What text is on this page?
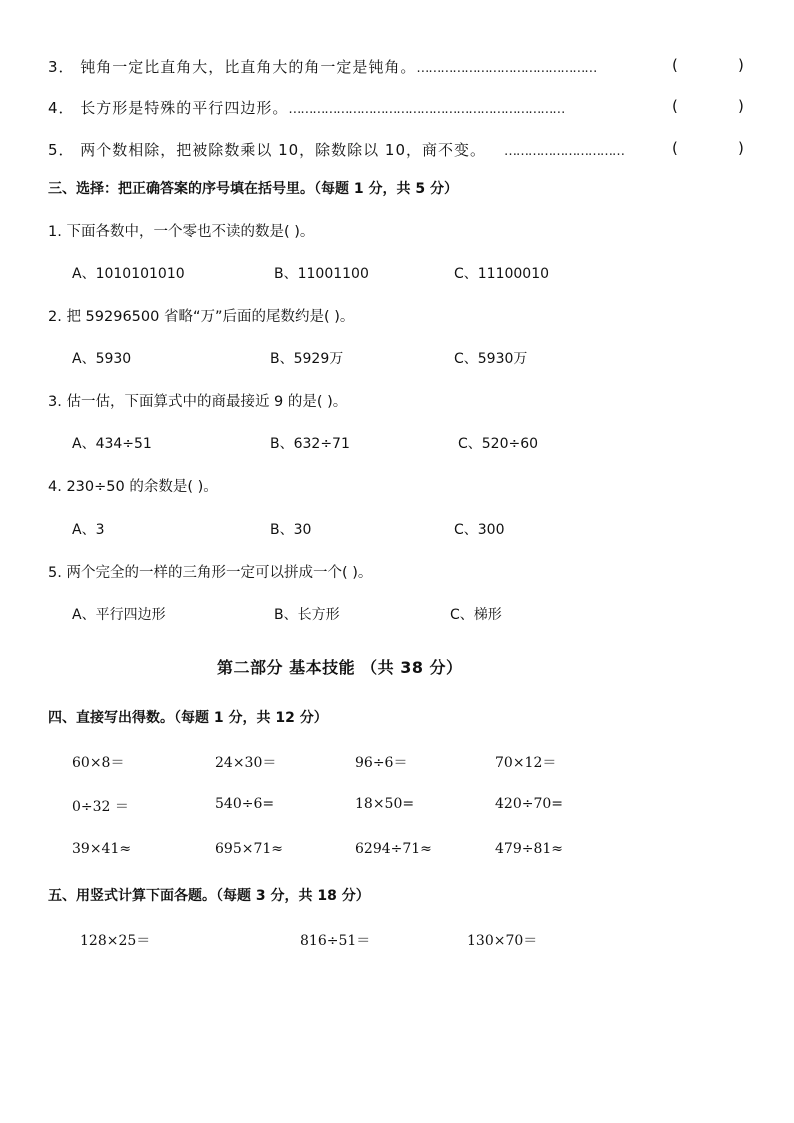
3． 钝角一定比直角大，比直角大的角一定是钝角。………………………………………	(	)
4． 长方形是特殊的平行四边形。……………………………………………………………	(	)
5． 两个数相除，把被除数乘以 10，除数除以 10，商不变。 …………………………	(	)
三、选择：把正确答案的序号填在括号里。（每题 1 分，共 5 分）
1. 下面各数中，一个零也不读的数是( )。
A、1010101010	B、11001100	C、11100010
2. 把 59296500 省略“万”后面的尾数约是( )。
A、5930	B、5929万	C、5930万
3. 估一估，下面算式中的商最接近 9 的是( )。
A、434÷51	B、632÷71	C、520÷60
4. 230÷50 的余数是( )。
A、3	B、30	C、300
5. 两个完全的一样的三角形一定可以拼成一个( )。
A、平行四边形	B、长方形	C、梯形
第二部分 基本技能 （共 38 分）
四、直接写出得数。（每题 1 分，共 12 分）
60×8＝	24×30＝	96÷6＝	70×12＝
0÷32 ＝	540÷6=	18×50=	420÷70=
39×41≈	695×71≈	6294÷71≈	479÷81≈
五、用竖式计算下面各题。（每题 3 分，共 18 分）
128×25＝	816÷51＝	130×70＝
